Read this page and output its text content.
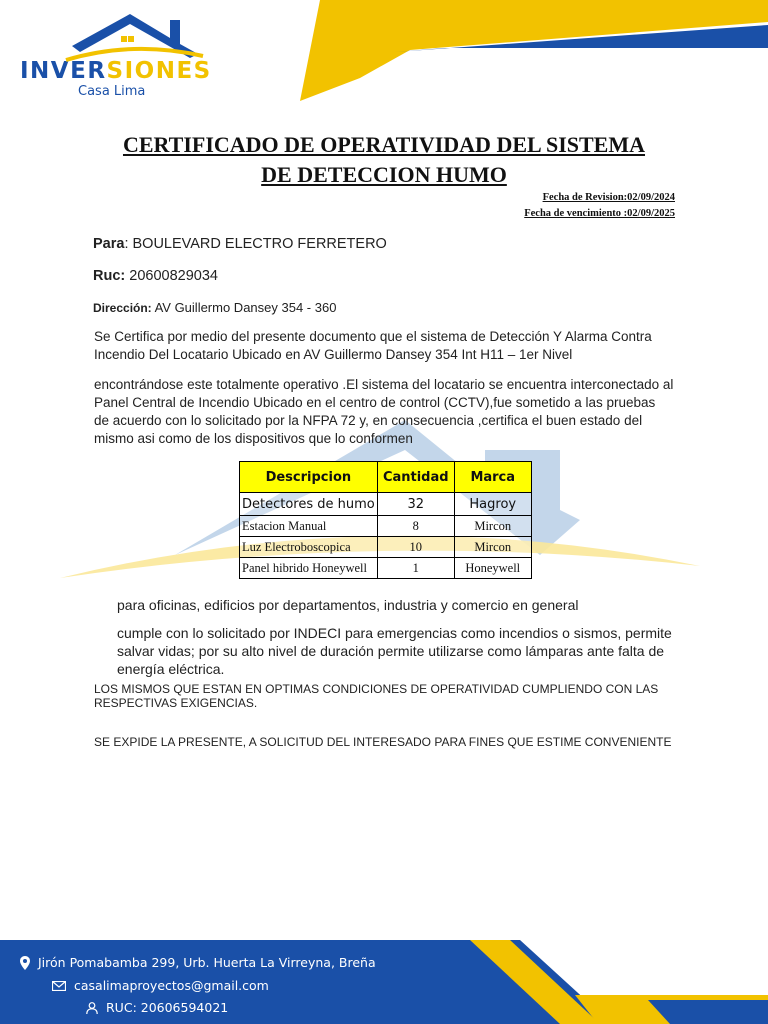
INVERSIONES
Casa Lima
CERTIFICADO DE OPERATIVIDAD DEL SISTEMA
DE DETECCION HUMO
Fecha de Revision:02/09/2024
Fecha de vencimiento :02/09/2025
Para: BOULEVARD ELECTRO FERRETERO
Ruc: 20600829034
Dirección: AV Guillermo Dansey 354 - 360
Se Certifica por medio del presente documento que el sistema de Detección Y Alarma Contra Incendio Del Locatario Ubicado en AV Guillermo Dansey 354 Int H11 – 1er Nivel
encontrándose este totalmente operativo .El sistema del locatario se encuentra interconectado al Panel Central de Incendio Ubicado en el centro de control (CCTV),fue sometido a las pruebas de acuerdo con lo solicitado por la NFPA 72 y, en consecuencia ,certifica el buen estado del mismo asi como de los dispositivos que lo conformen
Descripcion	Cantidad	Marca
Detectores de humo	32	Hagroy
Estacion Manual	8	Mircon
Luz Electroboscopica	10	Mircon
Panel hibrido Honeywell	1	Honeywell
para oficinas, edificios por departamentos, industria y comercio en general
cumple con lo solicitado por INDECI para emergencias como incendios o sismos, permite salvar vidas; por su alto nivel de duración permite utilizarse como lámparas ante falta de energía eléctrica.
LOS MISMOS QUE ESTAN EN OPTIMAS CONDICIONES DE OPERATIVIDAD CUMPLIENDO CON LAS RESPECTIVAS EXIGENCIAS.
SE EXPIDE LA PRESENTE, A SOLICITUD DEL INTERESADO PARA FINES QUE ESTIME CONVENIENTE
Jirón Pomabamba 299, Urb. Huerta La Virreyna, Breña
casalimaproyectos@gmail.com
RUC: 20606594021
